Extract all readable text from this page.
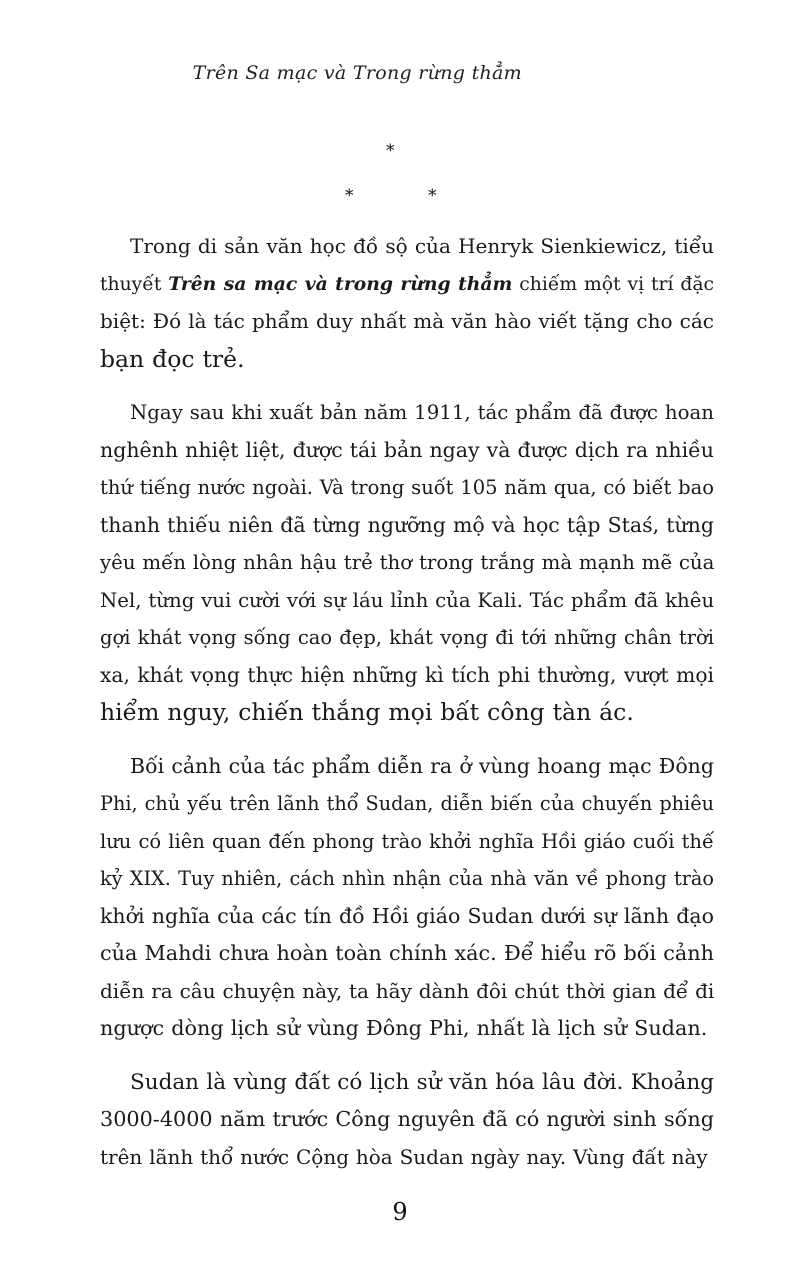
Trên Sa mạc và Trong rừng thẳm
*
*	*
Trong di sản văn học đồ sộ của Henryk Sienkiewicz, tiểu
thuyết Trên sa mạc và trong rừng thẳm chiếm một vị trí đặc
biệt: Đó là tác phẩm duy nhất mà văn hào viết tặng cho các
bạn đọc trẻ.
Ngay sau khi xuất bản năm 1911, tác phẩm đã được hoan
nghênh nhiệt liệt, được tái bản ngay và được dịch ra nhiều
thứ tiếng nước ngoài. Và trong suốt 105 năm qua, có biết bao
thanh thiếu niên đã từng ngưỡng mộ và học tập Staś, từng
yêu mến lòng nhân hậu trẻ thơ trong trắng mà mạnh mẽ của
Nel, từng vui cười với sự láu lỉnh của Kali. Tác phẩm đã khêu
gợi khát vọng sống cao đẹp, khát vọng đi tới những chân trời
xa, khát vọng thực hiện những kì tích phi thường, vượt mọi
hiểm nguy, chiến thắng mọi bất công tàn ác.
Bối cảnh của tác phẩm diễn ra ở vùng hoang mạc Đông
Phi, chủ yếu trên lãnh thổ Sudan, diễn biến của chuyến phiêu
lưu có liên quan đến phong trào khởi nghĩa Hồi giáo cuối thế
kỷ XIX. Tuy nhiên, cách nhìn nhận của nhà văn về phong trào
khởi nghĩa của các tín đồ Hồi giáo Sudan dưới sự lãnh đạo
của Mahdi chưa hoàn toàn chính xác. Để hiểu rõ bối cảnh
diễn ra câu chuyện này, ta hãy dành đôi chút thời gian để đi
ngược dòng lịch sử vùng Đông Phi, nhất là lịch sử Sudan.
Sudan là vùng đất có lịch sử văn hóa lâu đời. Khoảng
3000-4000 năm trước Công nguyên đã có người sinh sống
trên lãnh thổ nước Cộng hòa Sudan ngày nay. Vùng đất này
9
